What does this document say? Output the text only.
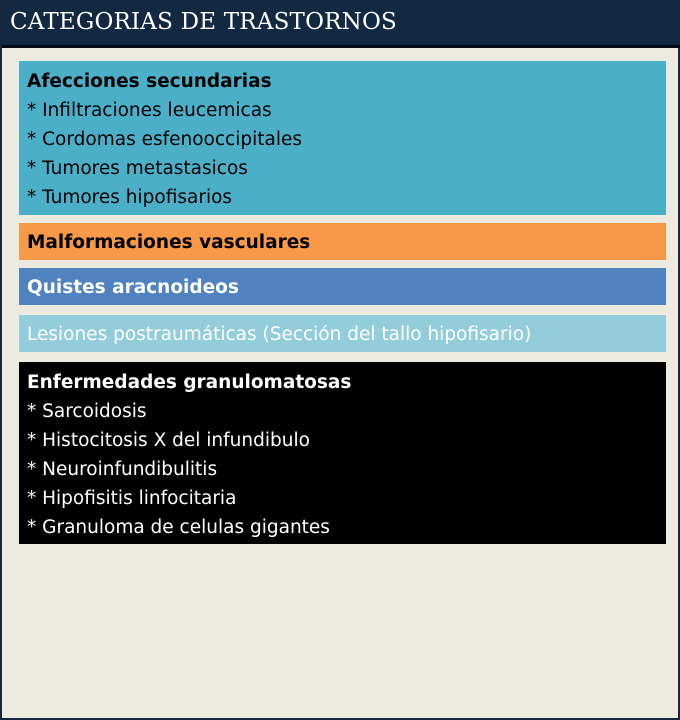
CATEGORIAS DE TRASTORNOS
Afecciones secundarias
* Infiltraciones leucemicas
* Cordomas esfenooccipitales
* Tumores metastasicos
* Tumores hipofisarios
Malformaciones vasculares
Quistes aracnoideos
Lesiones postraumáticas (Sección del tallo hipofisario)
Enfermedades granulomatosas
* Sarcoidosis
* Histocitosis X del infundibulo
* Neuroinfundibulitis
* Hipofisitis linfocitaria
* Granuloma de celulas gigantes
